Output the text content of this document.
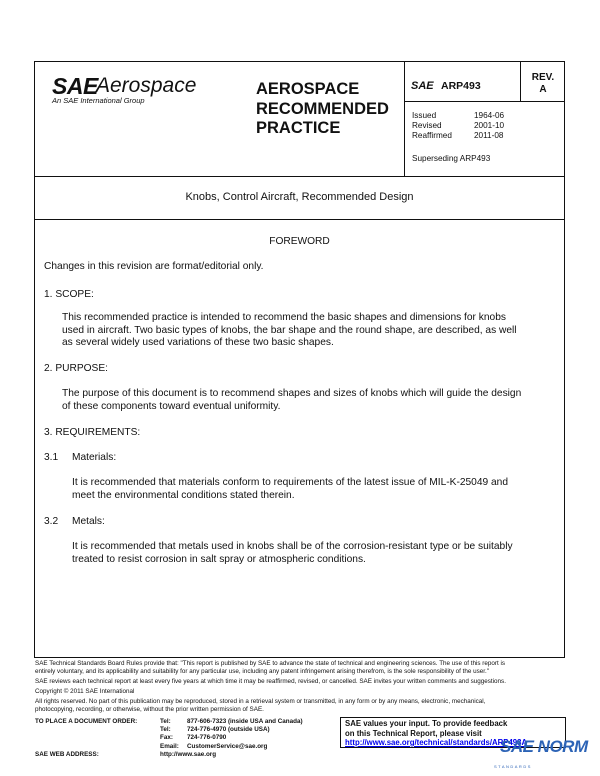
SAE
Aerospace
An SAE International Group
AEROSPACE
RECOMMENDED
PRACTICE
SAE ARP493
REV.
A
Issued	1964-06
Revised	2001-10
Reaffirmed	2011-08
Superseding ARP493
Knobs, Control Aircraft, Recommended Design
FOREWORD
Changes in this revision are format/editorial only.
1. SCOPE:
This recommended practice is intended to recommend the basic shapes and dimensions for knobs
used in aircraft. Two basic types of knobs, the bar shape and the round shape, are described, as well
as several widely used variations of these two basic shapes.
2. PURPOSE:
The purpose of this document is to recommend shapes and sizes of knobs which will guide the design
of these components toward eventual uniformity.
3. REQUIREMENTS:
3.1 Materials:
It is recommended that materials conform to requirements of the latest issue of MIL-K-25049 and
meet the environmental conditions stated therein.
3.2 Metals:
It is recommended that metals used in knobs shall be of the corrosion-resistant type or be suitably
treated to resist corrosion in salt spray or atmospheric conditions.
SAE Technical Standards Board Rules provide that: "This report is published by SAE to advance the state of technical and engineering sciences. The use of this report is
entirely voluntary, and its applicability and suitability for any particular use, including any patent infringement arising therefrom, is the sole responsibility of the user."
SAE reviews each technical report at least every five years at which time it may be reaffirmed, revised, or cancelled. SAE invites your written comments and suggestions.
Copyright © 2011 SAE International
All rights reserved. No part of this publication may be reproduced, stored in a retrieval system or transmitted, in any form or by any means, electronic, mechanical,
photocopying, recording, or otherwise, without the prior written permission of SAE.
TO PLACE A DOCUMENT ORDER:	Tel:	877-606-7323 (inside USA and Canada)
Tel:	724-776-4970 (outside USA)
Fax: 724-776-0790
Email: CustomerService@sae.org
SAE WEB ADDRESS:	http://www.sae.org
SAE values your input. To provide feedback
on this Technical Report, please visit
http://www.sae.org/technical/standards/ARP493A
SAE NORM
STANDARDS
